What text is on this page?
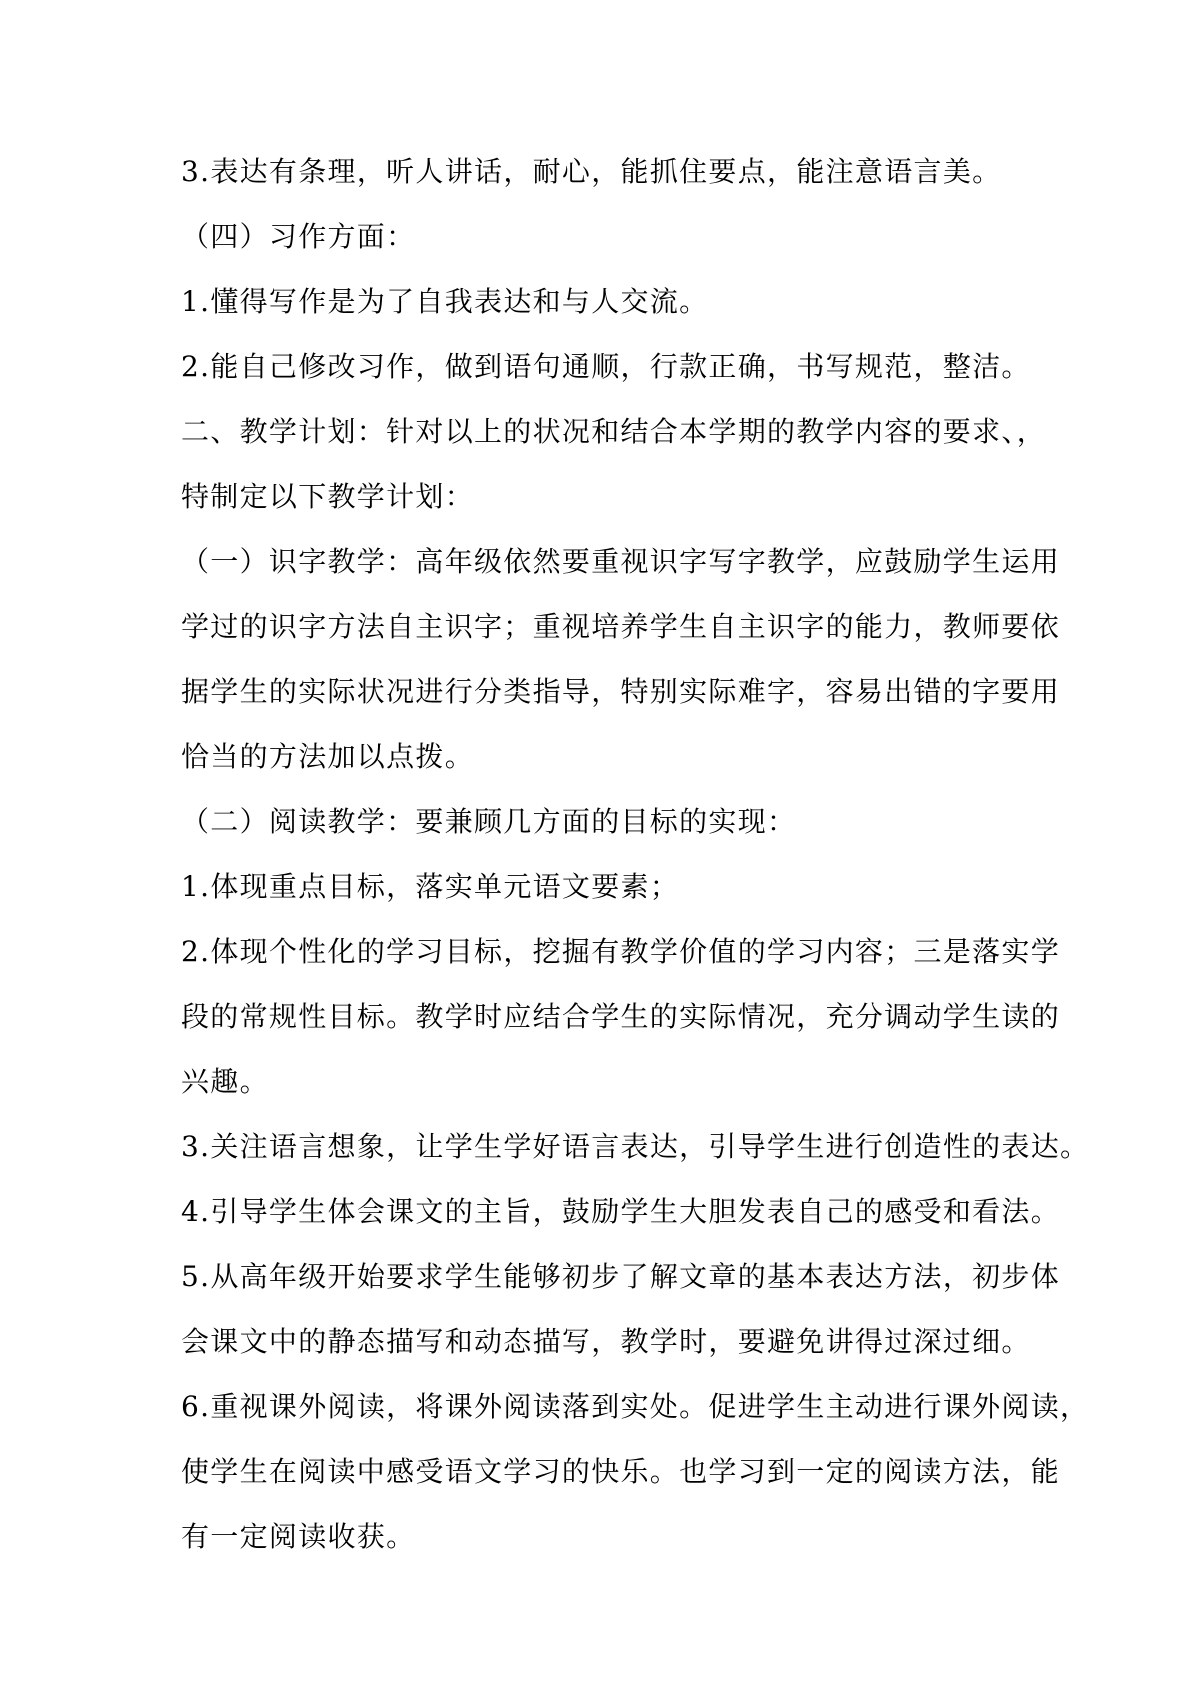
3.表达有条理，听人讲话，耐心，能抓住要点，能注意语言美。
（四）习作方面：
1.懂得写作是为了自我表达和与人交流。
2.能自己修改习作，做到语句通顺，行款正确，书写规范，整洁。
二、教学计划：针对以上的状况和结合本学期的教学内容的要求、，
特制定以下教学计划：
（一）识字教学：高年级依然要重视识字写字教学，应鼓励学生运用
学过的识字方法自主识字；重视培养学生自主识字的能力，教师要依
据学生的实际状况进行分类指导，特别实际难字，容易出错的字要用
恰当的方法加以点拨。
（二）阅读教学：要兼顾几方面的目标的实现：
1.体现重点目标，落实单元语文要素；
2.体现个性化的学习目标，挖掘有教学价值的学习内容；三是落实学
段的常规性目标。教学时应结合学生的实际情况，充分调动学生读的
兴趣。
3.关注语言想象，让学生学好语言表达，引导学生进行创造性的表达。
4.引导学生体会课文的主旨，鼓励学生大胆发表自己的感受和看法。
5.从高年级开始要求学生能够初步了解文章的基本表达方法，初步体
会课文中的静态描写和动态描写，教学时，要避免讲得过深过细。
6.重视课外阅读，将课外阅读落到实处。促进学生主动进行课外阅读，
使学生在阅读中感受语文学习的快乐。也学习到一定的阅读方法，能
有一定阅读收获。
